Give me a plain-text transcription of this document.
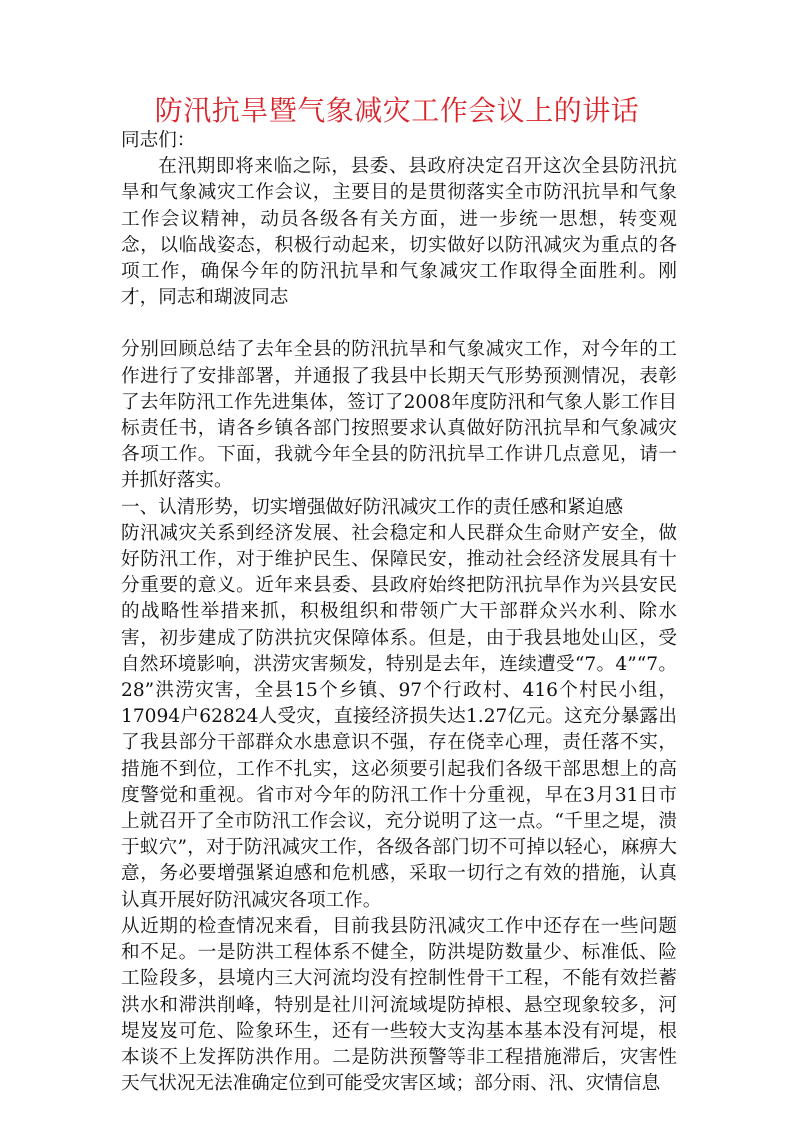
防汛抗旱暨气象减灾工作会议上的讲话

同志们：

在汛期即将来临之际，县委、县政府决定召开这次全县防汛抗旱和气象减灾工作会议，主要目的是贯彻落实全市防汛抗旱和气象工作会议精神，动员各级各有关方面，进一步统一思想，转变观念，以临战姿态，积极行动起来，切实做好以防汛减灾为重点的各项工作，确保今年的防汛抗旱和气象减灾工作取得全面胜利。刚才，同志和瑚波同志

分别回顾总结了去年全县的防汛抗旱和气象减灾工作，对今年的工作进行了安排部署，并通报了我县中长期天气形势预测情况，表彰了去年防汛工作先进集体，签订了2008年度防汛和气象人影工作目标责任书，请各乡镇各部门按照要求认真做好防汛抗旱和气象减灾各项工作。下面，我就今年全县的防汛抗旱工作讲几点意见，请一并抓好落实。

一、认清形势，切实增强做好防汛减灾工作的责任感和紧迫感

防汛减灾关系到经济发展、社会稳定和人民群众生命财产安全，做好防汛工作，对于维护民生、保障民安，推动社会经济发展具有十分重要的意义。近年来县委、县政府始终把防汛抗旱作为兴县安民的战略性举措来抓，积极组织和带领广大干部群众兴水利、除水害，初步建成了防洪抗灾保障体系。但是，由于我县地处山区，受自然环境影响，洪涝灾害频发，特别是去年，连续遭受“7。4”“7。28”洪涝灾害，全县15个乡镇、97个行政村、416个村民小组，17094户62824人受灾，直接经济损失达1.27亿元。这充分暴露出了我县部分干部群众水患意识不强，存在侥幸心理，责任落不实，措施不到位，工作不扎实，这必须要引起我们各级干部思想上的高度警觉和重视。省市对今年的防汛工作十分重视，早在3月31日市上就召开了全市防汛工作会议，充分说明了这一点。“千里之堤，溃于蚁穴”，对于防汛减灾工作，各级各部门切不可掉以轻心，麻痹大意，务必要增强紧迫感和危机感，采取一切行之有效的措施，认真认真开展好防汛减灾各项工作。

从近期的检查情况来看，目前我县防汛减灾工作中还存在一些问题和不足。一是防洪工程体系不健全，防洪堤防数量少、标准低、险工险段多，县境内三大河流均没有控制性骨干工程，不能有效拦蓄洪水和滞洪削峰，特别是社川河流域堤防掉根、悬空现象较多，河堤岌岌可危、险象环生，还有一些较大支沟基本基本没有河堤，根本谈不上发挥防洪作用。二是防洪预警等非工程措施滞后，灾害性天气状况无法准确定位到可能受灾害区域；部分雨、汛、灾情信息
